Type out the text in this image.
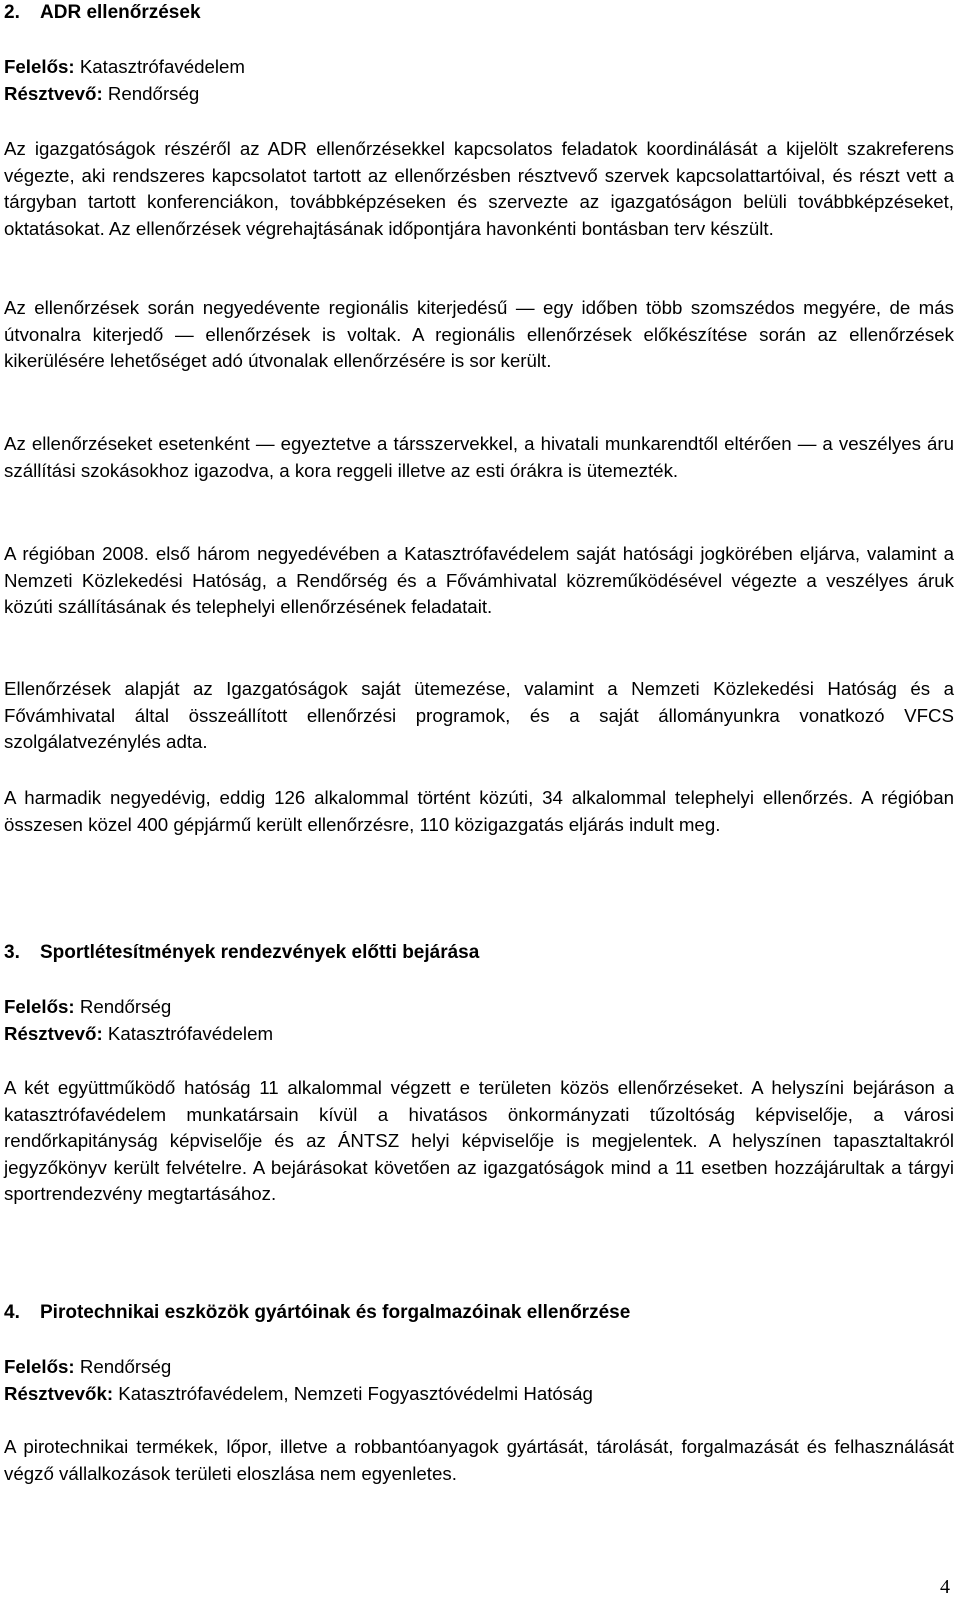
2.	ADR ellenőrzések

Felelős: Katasztrófavédelem

Résztvevő: Rendőrség

Az igazgatóságok részéről az ADR ellenőrzésekkel kapcsolatos feladatok koordinálását a kijelölt szakreferens végezte, aki rendszeres kapcsolatot tartott az ellenőrzésben résztvevő szervek kapcsolattartóival, és részt vett a tárgyban tartott konferenciákon, továbbképzéseken és szervezte az igazgatóságon belüli továbbképzéseket, oktatásokat. Az ellenőrzések végrehajtásának időpontjára havonkénti bontásban terv készült.

Az ellenőrzések során negyedévente regionális kiterjedésű — egy időben több szomszédos megyére, de más útvonalra kiterjedő — ellenőrzések is voltak. A regionális ellenőrzések előkészítése során az ellenőrzések kikerülésére lehetőséget adó útvonalak ellenőrzésére is sor került.

Az ellenőrzéseket esetenként — egyeztetve a társszervekkel, a hivatali munkarendtől eltérően — a veszélyes áru szállítási szokásokhoz igazodva, a kora reggeli illetve az esti órákra is ütemezték.

A régióban 2008. első három negyedévében a Katasztrófavédelem saját hatósági jogkörében eljárva, valamint a Nemzeti Közlekedési Hatóság, a Rendőrség és a Fővámhivatal közreműködésével végezte a veszélyes áruk közúti szállításának és telephelyi ellenőrzésének feladatait.

Ellenőrzések alapját az Igazgatóságok saját ütemezése, valamint a Nemzeti Közlekedési Hatóság és a Fővámhivatal által összeállított ellenőrzési programok, és a saját állományunkra vonatkozó VFCS szolgálatvezénylés adta.

A harmadik negyedévig, eddig 126 alkalommal történt közúti, 34 alkalommal telephelyi ellenőrzés. A régióban összesen közel 400 gépjármű került ellenőrzésre, 110 közigazgatás eljárás indult meg.

3.	Sportlétesítmények rendezvények előtti bejárása

Felelős: Rendőrség

Résztvevő: Katasztrófavédelem

A két együttműködő hatóság 11 alkalommal végzett e területen közös ellenőrzéseket. A helyszíni bejáráson a katasztrófavédelem munkatársain kívül a hivatásos önkormányzati tűzoltóság képviselője, a városi rendőrkapitányság képviselője és az ÁNTSZ helyi képviselője is megjelentek. A helyszínen tapasztaltakról jegyzőkönyv került felvételre. A bejárásokat követően az igazgatóságok mind a 11 esetben hozzájárultak a tárgyi sportrendezvény megtartásához.

4.	Pirotechnikai eszközök gyártóinak és forgalmazóinak ellenőrzése

Felelős: Rendőrség

Résztvevők: Katasztrófavédelem, Nemzeti Fogyasztóvédelmi Hatóság

A pirotechnikai termékek, lőpor, illetve a robbantóanyagok gyártását, tárolását, forgalmazását és felhasználását végző vállalkozások területi eloszlása nem egyenletes.

4
